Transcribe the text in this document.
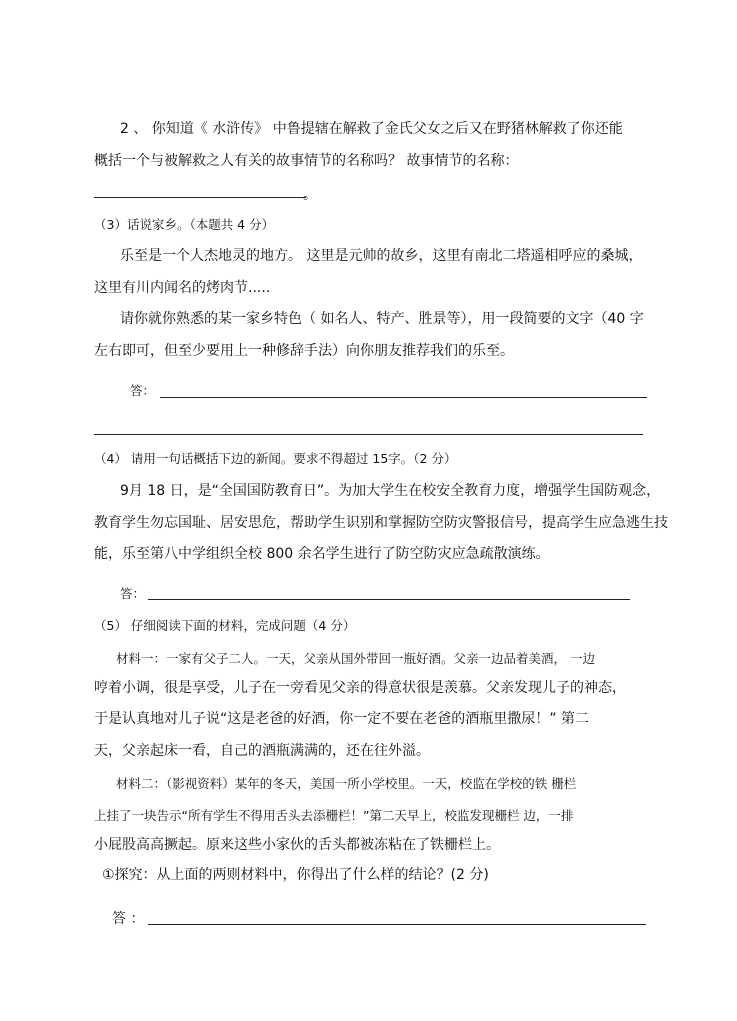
2 、 你知道《 水浒传》 中鲁提辖在解救了金氏父女之后又在野猪林解救了你还能
概括一个与被解救之人有关的故事情节的名称吗？ 故事情节的名称：
。
（3）话说家乡。（本题共 4 分）
乐至是一个人杰地灵的地方。 这里是元帅的故乡，这里有南北二塔遥相呼应的桑城，
这里有川内闻名的烤肉节.....
请你就你熟悉的某一家乡特色（ 如名人、特产、胜景等），用一段简要的文字（40 字
左右即可，但至少要用上一种修辞手法）向你朋友推荐我们的乐至。
答：
（4） 请用一句话概括下边的新闻。要求不得超过 15字。（2 分）
9月 18 日，是“全国国防教育日”。为加大学生在校安全教育力度，增强学生国防观念，
教育学生勿忘国耻、居安思危，帮助学生识别和掌握防空防灾警报信号，提高学生应急逃生技
能，乐至第八中学组织全校 800 余名学生进行了防空防灾应急疏散演练。
答：
（5） 仔细阅读下面的材料，完成问题（4 分）
材料一：一家有父子二人。一天，父亲从国外带回一瓶好酒。父亲一边品着美酒， 一边
哼着小调，很是享受，儿子在一旁看见父亲的得意状很是羡慕。父亲发现儿子的神态，
于是认真地对儿子说“这是老爸的好酒，你一定不要在老爸的酒瓶里撒尿！” 第二
天，父亲起床一看，自己的酒瓶满满的，还在往外溢。
材料二：（影视资料）某年的冬天，美国一所小学校里。一天，校监在学校的铁 栅栏
上挂了一块告示“所有学生不得用舌头去添栅栏！”第二天早上，校监发现栅栏 边，一排
小屁股高高撅起。原来这些小家伙的舌头都被冻粘在了铁栅栏上。
①探究：从上面的两则材料中，你得出了什么样的结论？(2 分)
答 ：
